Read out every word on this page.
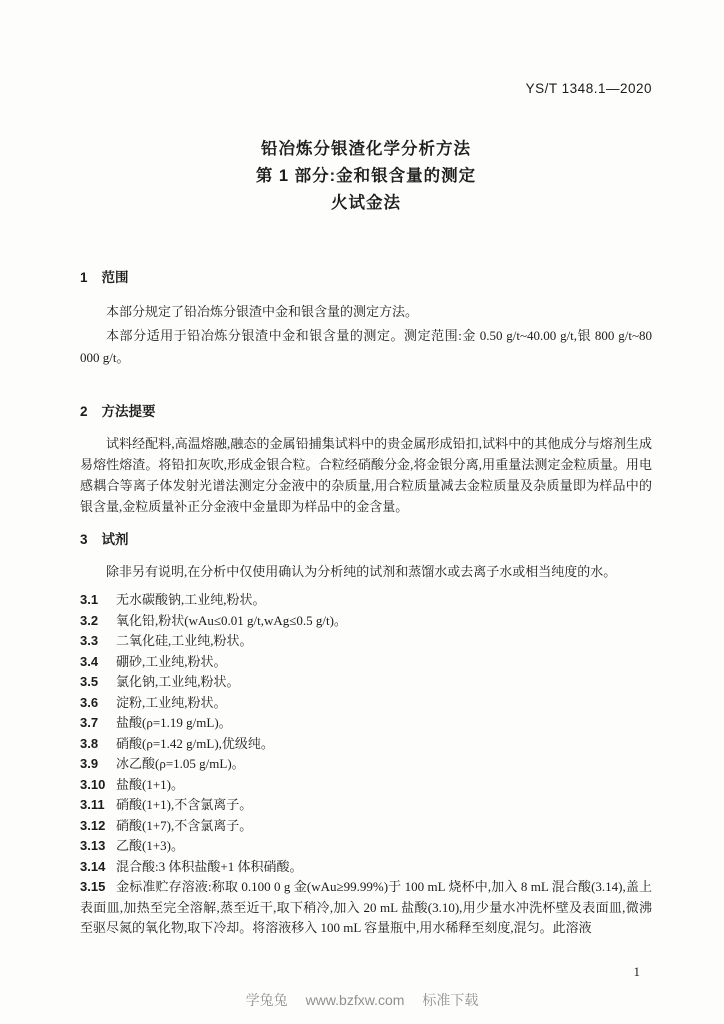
YS/T 1348.1—2020
铅冶炼分银渣化学分析方法
第 1 部分:金和银含量的测定
火试金法
1 范围

本部分规定了铅冶炼分银渣中金和银含量的测定方法。

本部分适用于铅冶炼分银渣中金和银含量的测定。测定范围:金 0.50 g/t~40.00 g/t,银 800 g/t~80 000 g/t。

2 方法提要

试料经配料,高温熔融,融态的金属铅捕集试料中的贵金属形成铅扣,试料中的其他成分与熔剂生成易熔性熔渣。将铅扣灰吹,形成金银合粒。合粒经硝酸分金,将金银分离,用重量法测定金粒质量。用电感耦合等离子体发射光谱法测定分金液中的杂质量,用合粒质量减去金粒质量及杂质量即为样品中的银含量,金粒质量补正分金液中金量即为样品中的金含量。

3 试剂

除非另有说明,在分析中仅使用确认为分析纯的试剂和蒸馏水或去离子水或相当纯度的水。

3.1 无水碳酸钠,工业纯,粉状。
3.2 氧化铅,粉状(wAu≤0.01 g/t,wAg≤0.5 g/t)。
3.3 二氧化硅,工业纯,粉状。
3.4 硼砂,工业纯,粉状。
3.5 氯化钠,工业纯,粉状。
3.6 淀粉,工业纯,粉状。
3.7 盐酸(ρ=1.19 g/mL)。
3.8 硝酸(ρ=1.42 g/mL),优级纯。
3.9 冰乙酸(ρ=1.05 g/mL)。
3.10 盐酸(1+1)。
3.11 硝酸(1+1),不含氯离子。
3.12 硝酸(1+7),不含氯离子。
3.13 乙酸(1+3)。
3.14 混合酸:3 体积盐酸+1 体积硝酸。
3.15 金标准贮存溶液:称取 0.100 0 g 金(wAu≥99.99%)于 100 mL 烧杯中,加入 8 mL 混合酸(3.14),盖上表面皿,加热至完全溶解,蒸至近干,取下稍冷,加入 20 mL 盐酸(3.10),用少量水冲洗杯壁及表面皿,微沸至驱尽氮的氧化物,取下冷却。将溶液移入 100 mL 容量瓶中,用水稀释至刻度,混匀。此溶液
1
学兔兔 www.bzfxw.com 标准下载
